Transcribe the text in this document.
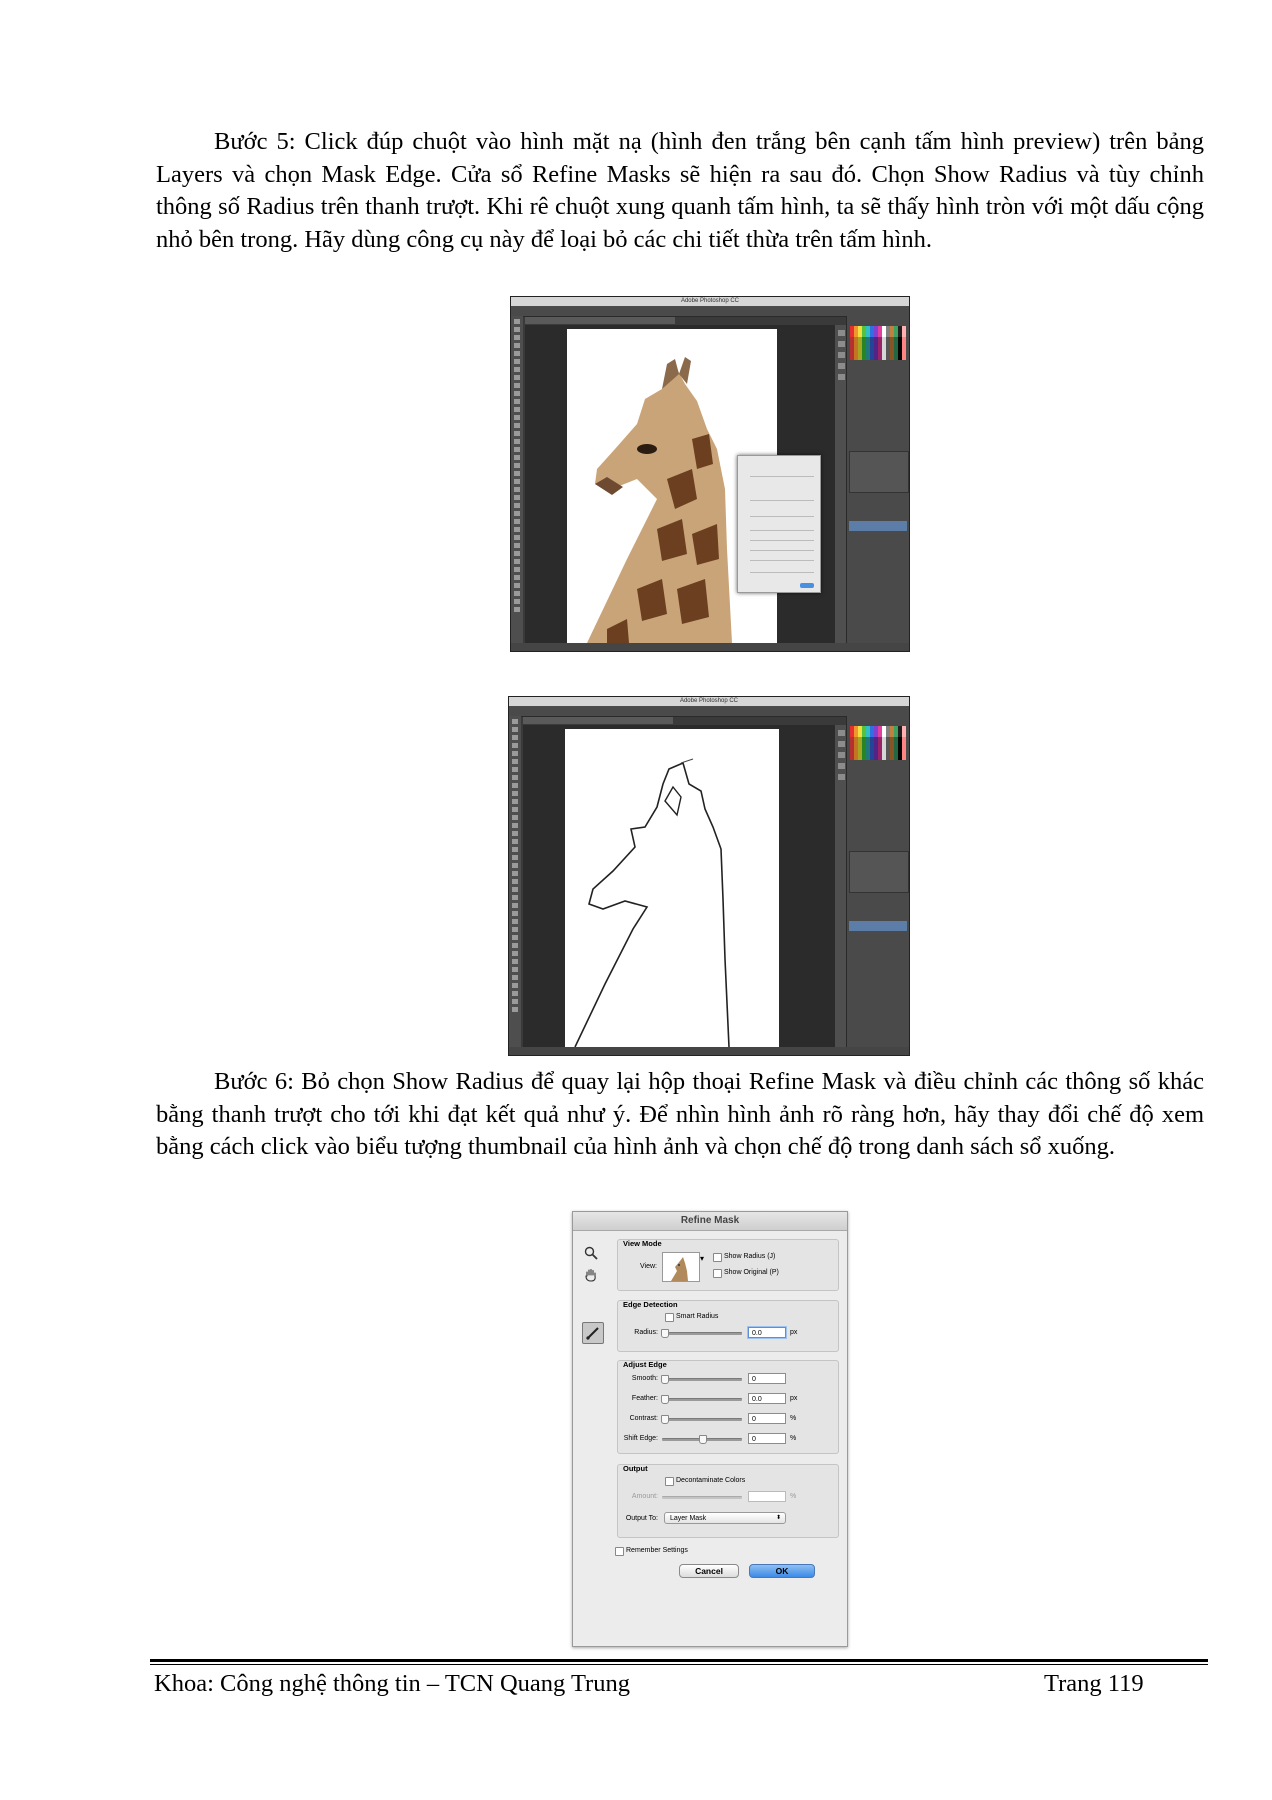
Bước 5: Click đúp chuột vào hình mặt nạ (hình đen trắng bên cạnh tấm hình preview) trên bảng Layers và chọn Mask Edge. Cửa sổ Refine Masks sẽ hiện ra sau đó. Chọn Show Radius và tùy chỉnh thông số Radius trên thanh trượt. Khi rê chuột xung quanh tấm hình, ta sẽ thấy hình tròn với một dấu cộng nhỏ bên trong. Hãy dùng công cụ này để loại bỏ các chi tiết thừa trên tấm hình.

Adobe Photoshop CC
Adobe Photoshop CC

Bước 6: Bỏ chọn Show Radius để quay lại hộp thoại Refine Mask và điều chỉnh các thông số khác bằng thanh trượt cho tới khi đạt kết quả như ý. Để nhìn hình ảnh rõ ràng hơn, hãy thay đổi chế độ xem bằng cách click vào biểu tượng thumbnail của hình ảnh và chọn chế độ trong danh sách sổ xuống.

Refine Mask
View Mode
View:
▾	Show Radius (J)
Show Original (P)
Edge Detection
Smart Radius
Radius:	0.0	px
Adjust Edge
Smooth:	0
Feather:	0.0	px
Contrast:	0	%
Shift Edge:	0	%
Output
Decontaminate Colors
Amount:	%
Output To:	Layer Mask	⬍
Remember Settings
Cancel	OK
Khoa: Công nghệ thông tin – TCN Quang Trung	Trang 119
